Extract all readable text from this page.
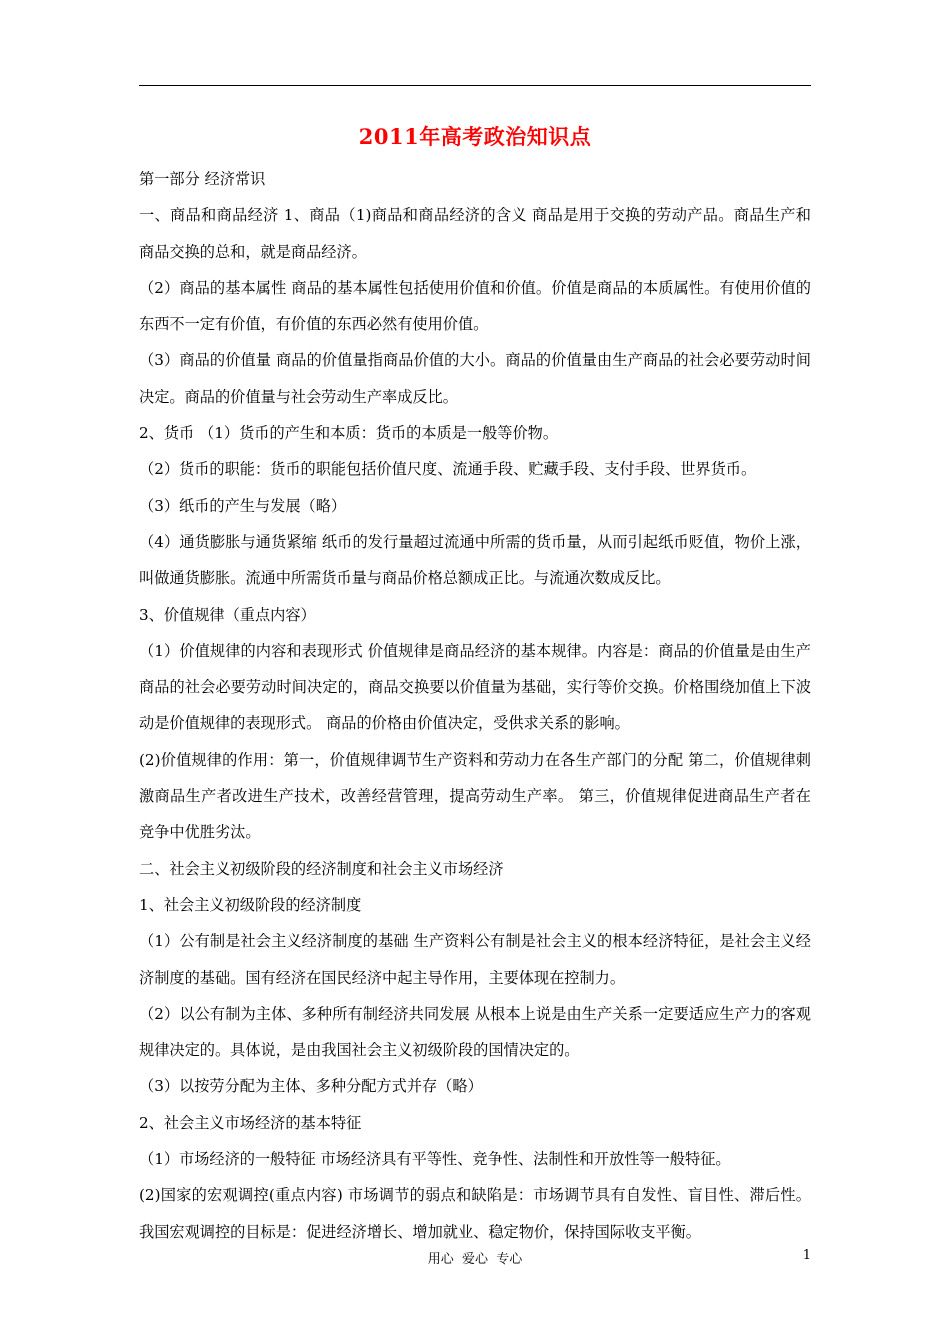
2011年高考政治知识点

第一部分 经济常识

一、商品和商品经济 1、商品（1)商品和商品经济的含义 商品是用于交换的劳动产品。商品生产和商品交换的总和，就是商品经济。

（2）商品的基本属性 商品的基本属性包括使用价值和价值。价值是商品的本质属性。有使用价值的东西不一定有价值，有价值的东西必然有使用价值。

（3）商品的价值量 商品的价值量指商品价值的大小。商品的价值量由生产商品的社会必要劳动时间决定。商品的价值量与社会劳动生产率成反比。

2、货币 （1）货币的产生和本质：货币的本质是一般等价物。

（2）货币的职能：货币的职能包括价值尺度、流通手段、贮藏手段、支付手段、世界货币。

（3）纸币的产生与发展（略）

（4）通货膨胀与通货紧缩 纸币的发行量超过流通中所需的货币量，从而引起纸币贬值，物价上涨，叫做通货膨胀。流通中所需货币量与商品价格总额成正比。与流通次数成反比。

3、价值规律（重点内容）

（1）价值规律的内容和表现形式 价值规律是商品经济的基本规律。内容是：商品的价值量是由生产商品的社会必要劳动时间决定的，商品交换要以价值量为基础，实行等价交换。价格围绕加值上下波动是价值规律的表现形式。 商品的价格由价值决定，受供求关系的影响。

(2)价值规律的作用：第一，价值规律调节生产资料和劳动力在各生产部门的分配 第二，价值规律刺激商品生产者改进生产技术，改善经营管理，提高劳动生产率。 第三，价值规律促进商品生产者在竞争中优胜劣汰。

二、社会主义初级阶段的经济制度和社会主义市场经济

1、社会主义初级阶段的经济制度

（1）公有制是社会主义经济制度的基础 生产资料公有制是社会主义的根本经济特征，是社会主义经济制度的基础。国有经济在国民经济中起主导作用，主要体现在控制力。

（2）以公有制为主体、多种所有制经济共同发展 从根本上说是由生产关系一定要适应生产力的客观规律决定的。具体说，是由我国社会主义初级阶段的国情决定的。

（3）以按劳分配为主体、多种分配方式并存（略）

2、社会主义市场经济的基本特征

（1）市场经济的一般特征 市场经济具有平等性、竞争性、法制性和开放性等一般特征。

(2)国家的宏观调控(重点内容) 市场调节的弱点和缺陷是：市场调节具有自发性、盲目性、滞后性。 我国宏观调控的目标是：促进经济增长、增加就业、稳定物价，保持国际收支平衡。

用心  爱心  专心	1
